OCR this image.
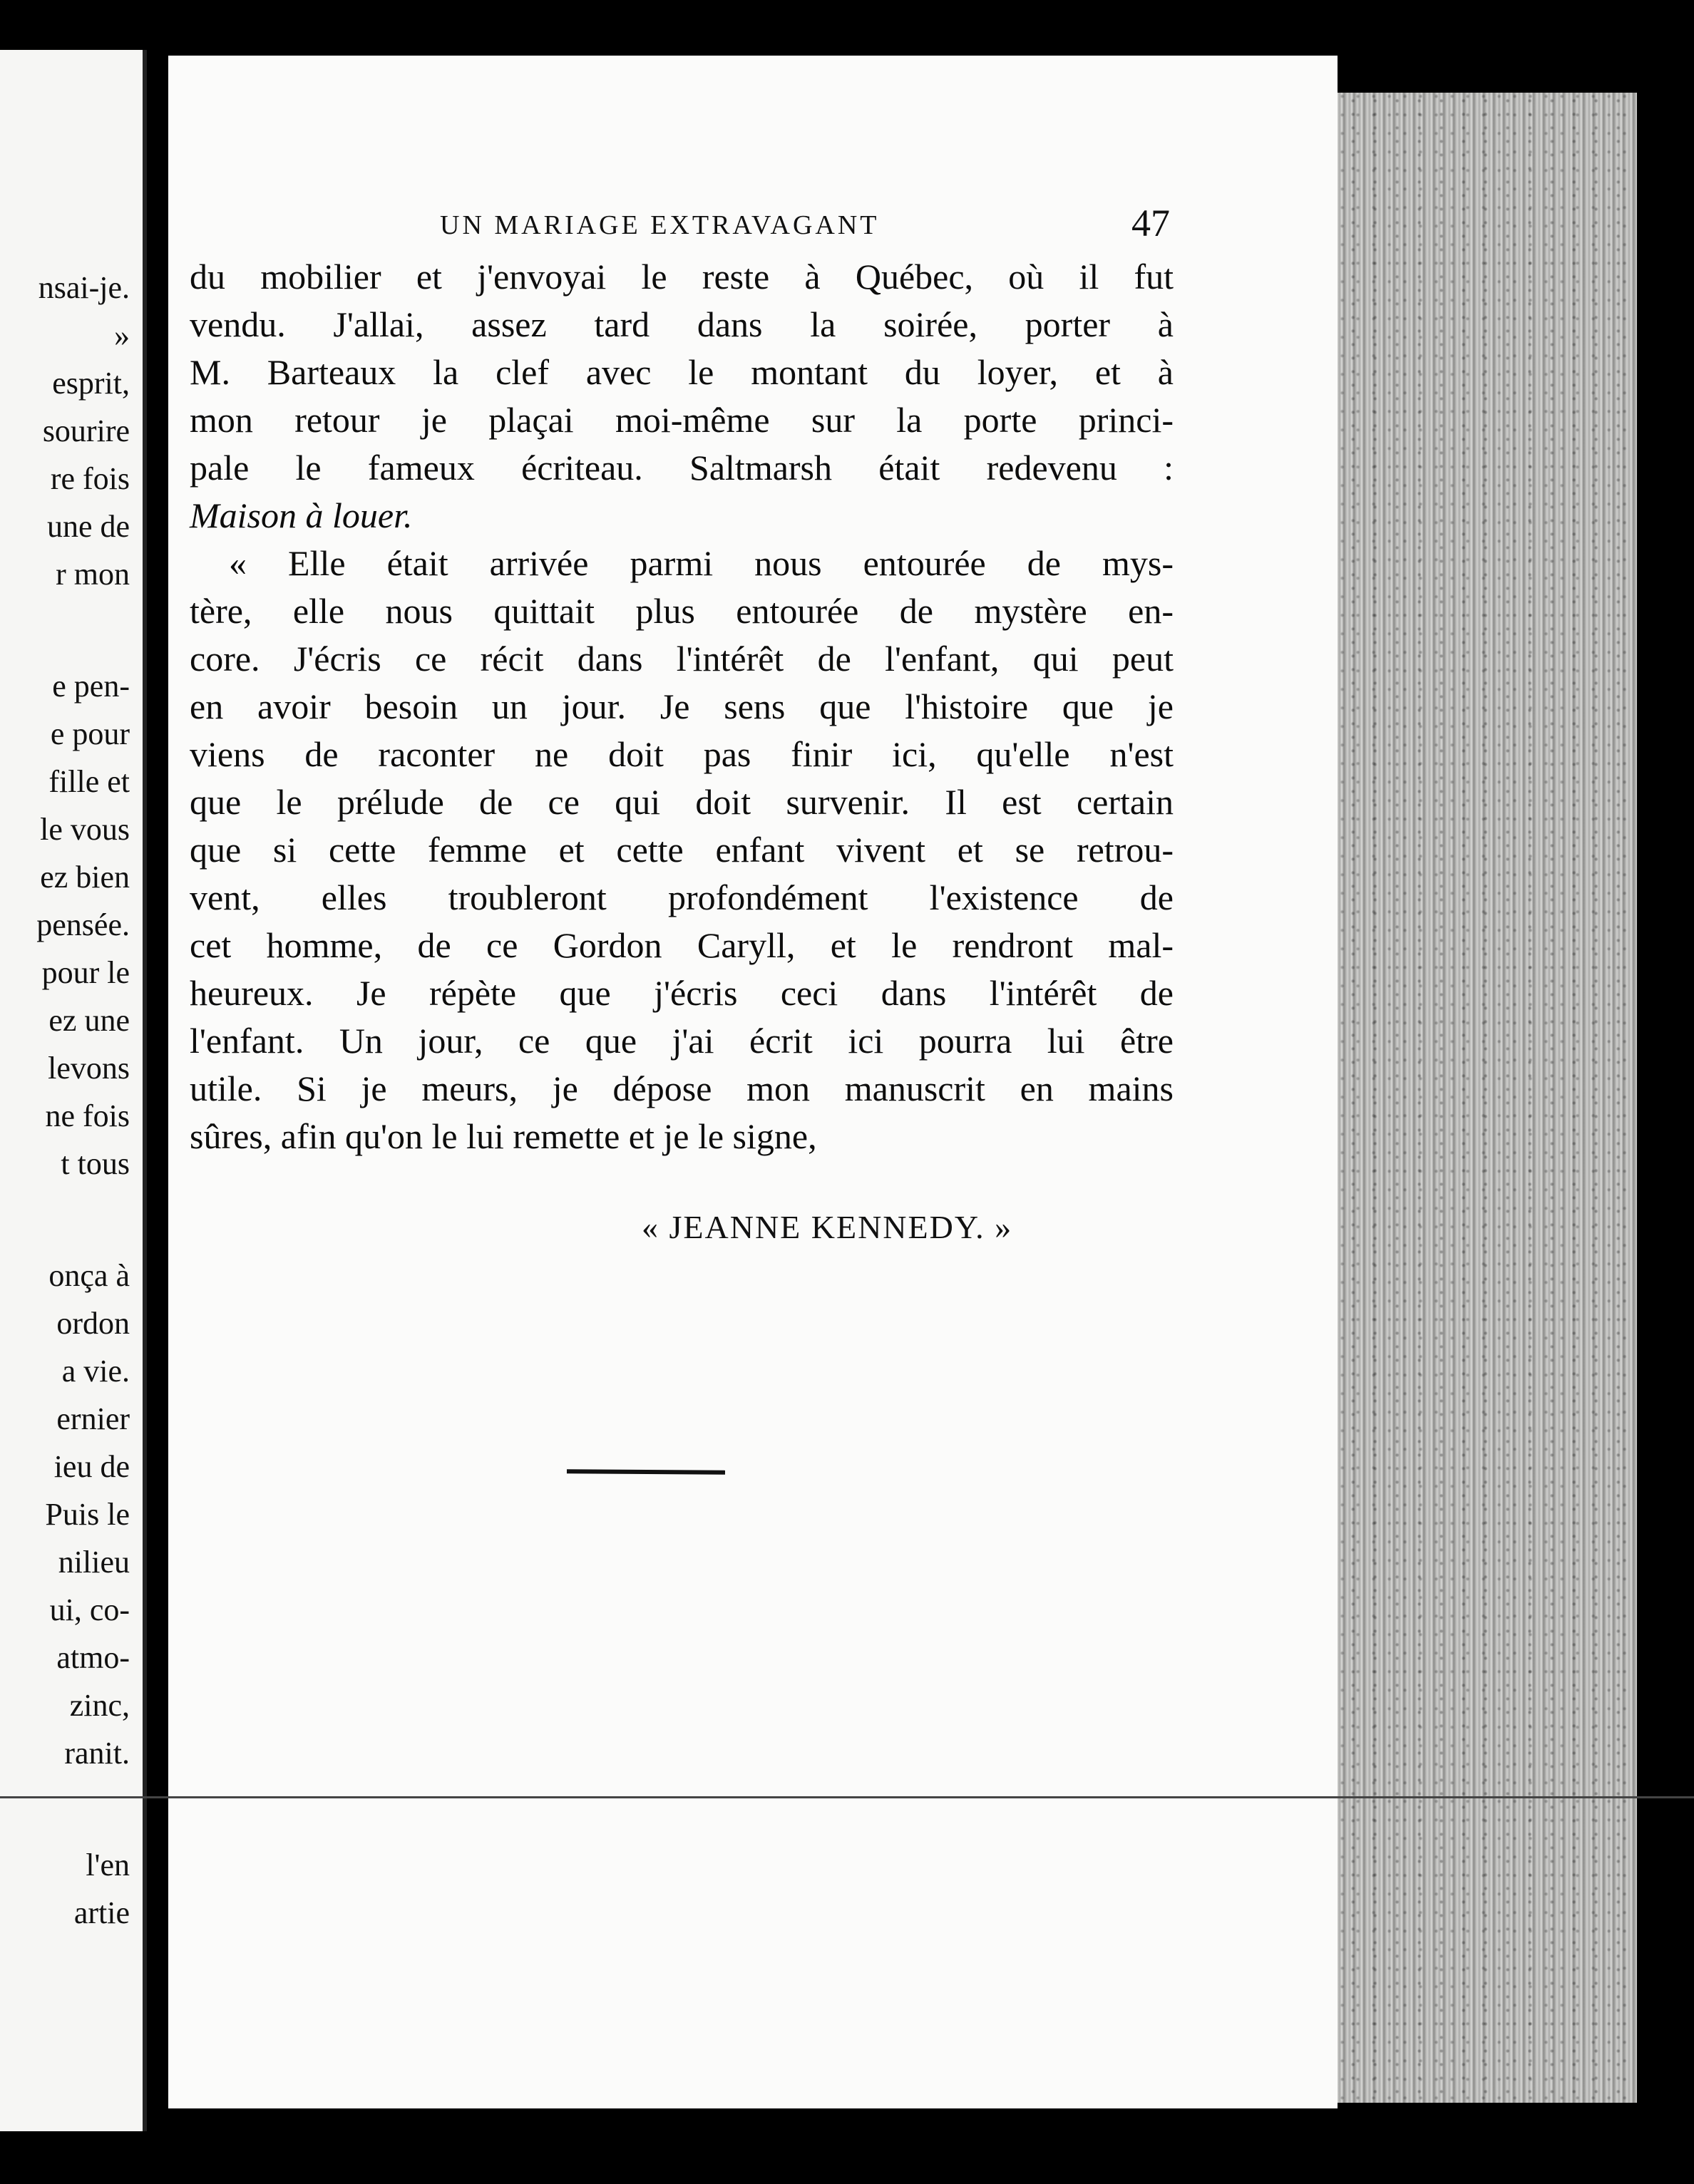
nsai-je.
»
esprit,
sourire
re fois
une de
r mon

e pen-
e pour
fille et
le vous
ez bien
pensée.
pour le
ez une
levons
ne fois
t tous

onça à
ordon
a vie.
ernier
ieu de
Puis le
nilieu
ui, co-
atmo-
zinc,
ranit.

l'en
artie
UN MARIAGE EXTRAVAGANT	47

du mobilier et j'envoyai le reste à Québec, où il fut

vendu. J'allai, assez tard dans la soirée, porter à

M. Barteaux la clef avec le montant du loyer, et à

mon retour je plaçai moi-même sur la porte princi-

pale le fameux écriteau. Saltmarsh était redevenu :

Maison à louer.

« Elle était arrivée parmi nous entourée de mys-

tère, elle nous quittait plus entourée de mystère en-

core. J'écris ce récit dans l'intérêt de l'enfant, qui peut

en avoir besoin un jour. Je sens que l'histoire que je

viens de raconter ne doit pas finir ici, qu'elle n'est

que le prélude de ce qui doit survenir. Il est certain

que si cette femme et cette enfant vivent et se retrou-

vent, elles troubleront profondément l'existence de

cet homme, de ce Gordon Caryll, et le rendront mal-

heureux. Je répète que j'écris ceci dans l'intérêt de

l'enfant. Un jour, ce que j'ai écrit ici pourra lui être

utile. Si je meurs, je dépose mon manuscrit en mains

sûres, afin qu'on le lui remette et je le signe,

« JEANNE KENNEDY. »
